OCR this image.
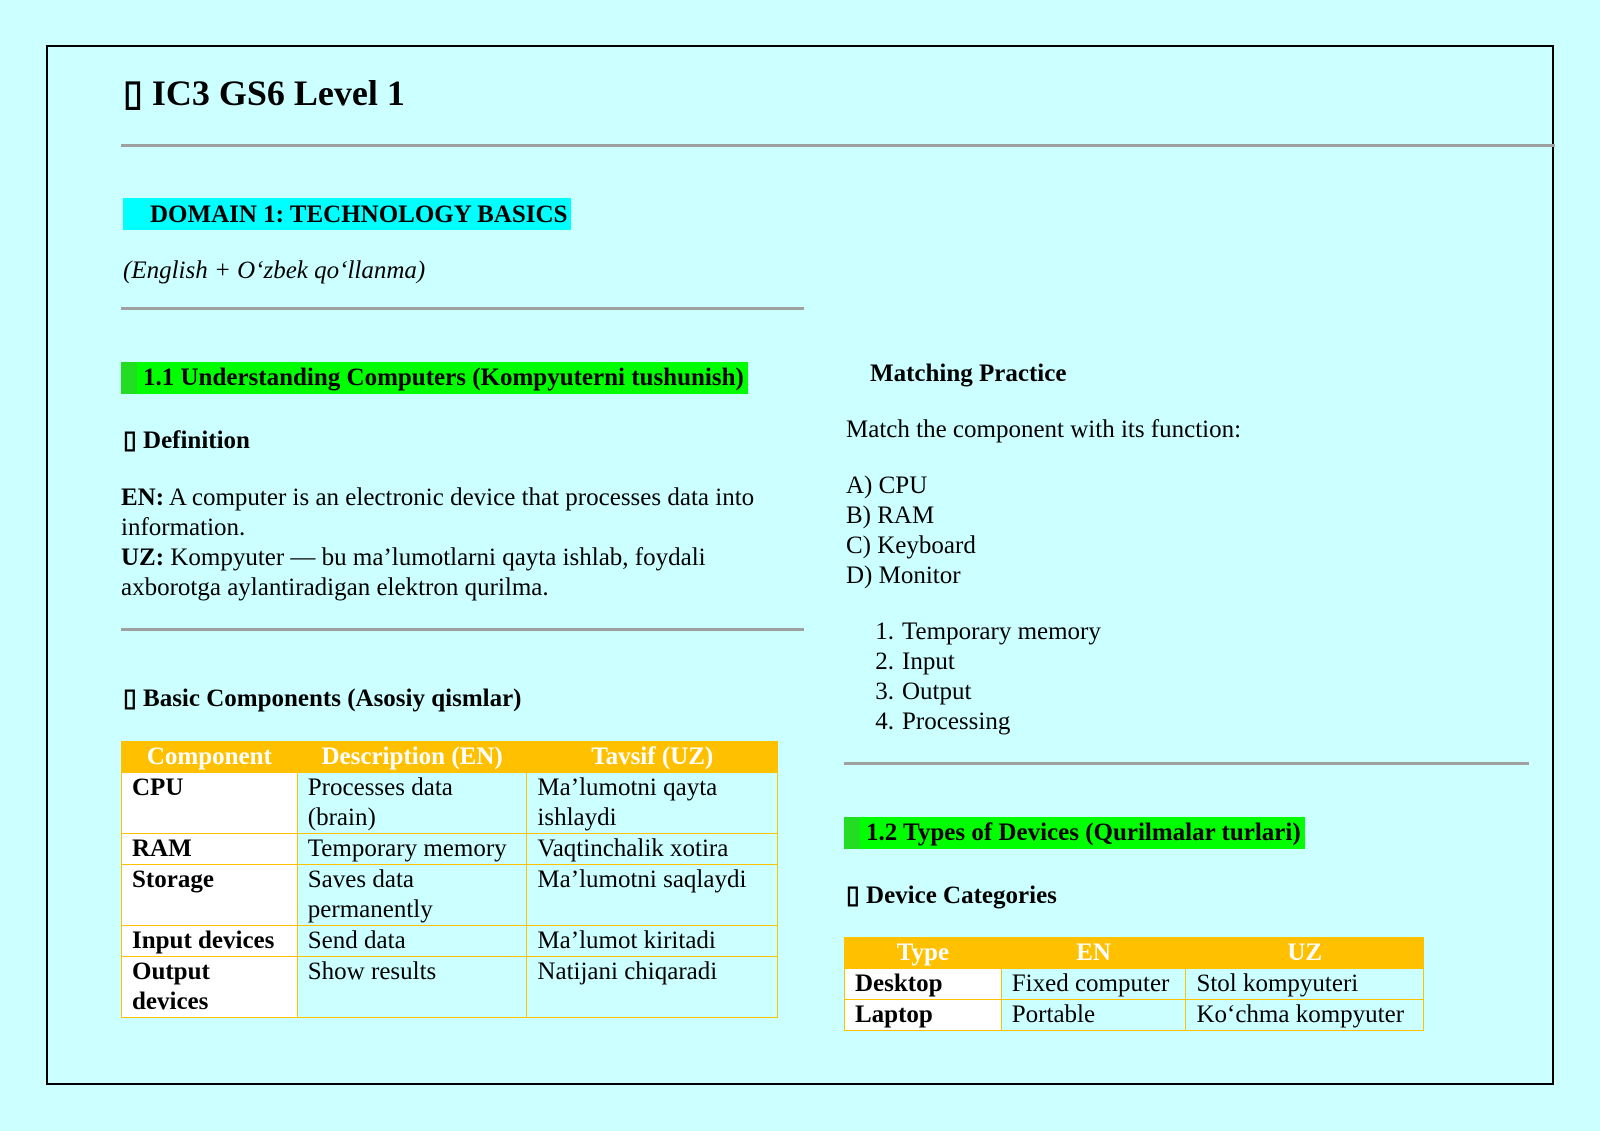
▯ IC3 GS6 Level 1
DOMAIN 1: TECHNOLOGY BASICS
(English + O‘zbek qo‘llanma)
1.1 Understanding Computers (Kompyuterni tushunish)
▯ Definition
EN: A computer is an electronic device that processes data into information.
UZ: Kompyuter — bu ma’lumotlarni qayta ishlab, foydali axborotga aylantiradigan elektron qurilma.
▯ Basic Components (Asosiy qismlar)
Component	Description (EN)	Tavsif (UZ)
CPU	Processes data (brain)	Ma’lumotni qayta ishlaydi
RAM	Temporary memory	Vaqtinchalik xotira
Storage	Saves data permanently	Ma’lumotni saqlaydi
Input devices	Send data	Ma’lumot kiritadi
Output devices	Show results	Natijani chiqaradi
Matching Practice
Match the component with its function:
A) CPU
B) RAM
C) Keyboard
D) Monitor
1. Temporary memory
2. Input
3. Output
4. Processing
1.2 Types of Devices (Qurilmalar turlari)
▯ Device Categories
Type	EN	UZ
Desktop	Fixed computer	Stol kompyuteri
Laptop	Portable	Ko‘chma kompyuter
